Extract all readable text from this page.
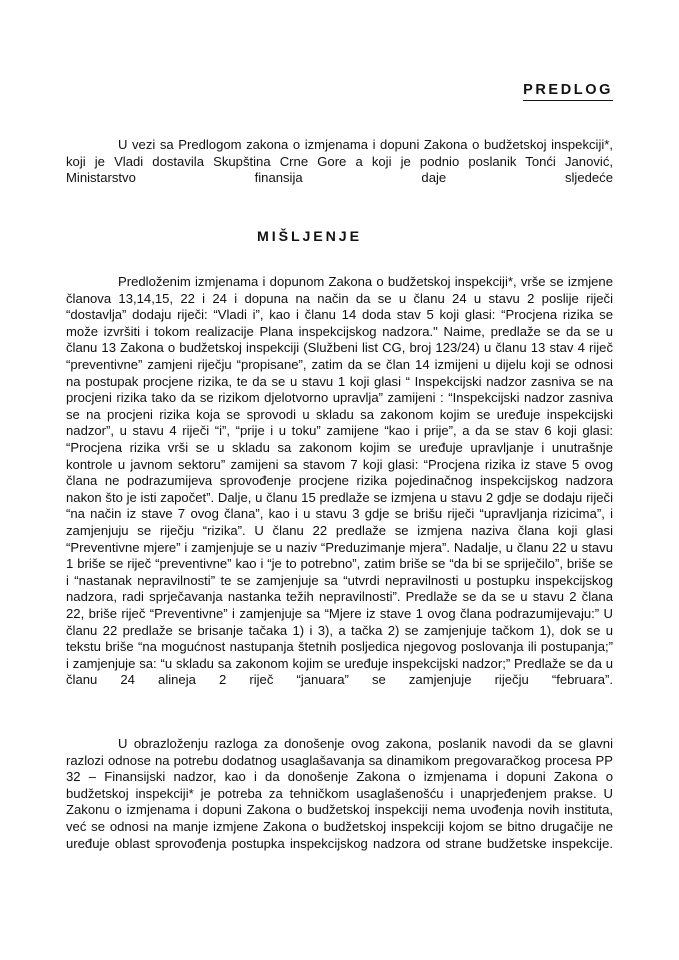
PREDLOG

U vezi sa Predlogom zakona o izmjenama i dopuni Zakona o budžetskoj inspekciji*, koji je Vladi dostavila Skupština Crne Gore a koji je podnio poslanik Tonći Janović, Ministarstvo finansija daje sljedeće

MIŠLJENJE

Predloženim izmjenama i dopunom Zakona o budžetskoj inspekciji*, vrše se izmjene članova 13,14,15, 22 i 24 i dopuna na način da se u članu 24 u stavu 2 poslije riječi “dostavlja” dodaju riječi: “Vladi i”, kao i članu 14 doda stav 5 koji glasi: “Procjena rizika se može izvršiti i tokom realizacije Plana inspekcijskog nadzora." Naime, predlaže se da se u članu 13 Zakona o budžetskoj inspekciji (Službeni list CG, broj 123/24) u članu 13 stav 4 riječ “preventivne” zamjeni riječju “propisane”, zatim da se član 14 izmijeni u dijelu koji se odnosi na postupak procjene rizika, te da se u stavu 1 koji glasi “ Inspekcijski nadzor zasniva se na procjeni rizika tako da se rizikom djelotvorno upravlja” zamijeni : “Inspekcijski nadzor zasniva se na procjeni rizika koja se sprovodi u skladu sa zakonom kojim se uređuje inspekcijski nadzor”, u stavu 4 riječi “i”, “prije i u toku” zamijene “kao i prije”, a da se stav 6 koji glasi: “Procjena rizika vrši se u skladu sa zakonom kojim se uređuje upravljanje i unutrašnje kontrole u javnom sektoru” zamijeni sa stavom 7 koji glasi: “Procjena rizika iz stave 5 ovog člana ne podrazumijeva sprovođenje procjene rizika pojedinačnog inspekcijskog nadzora nakon što je isti započet”. Dalje, u članu 15 predlaže se izmjena u stavu 2 gdje se dodaju riječi “na način iz stave 7 ovog člana”, kao i u stavu 3 gdje se brišu riječi “upravljanja rizicima”, i zamjenjuju se riječju “rizika”. U članu 22 predlaže se izmjena naziva člana koji glasi “Preventivne mjere” i zamjenjuje se u naziv “Preduzimanje mjera”. Nadalje, u članu 22 u stavu 1 briše se riječ “preventivne” kao i “je to potrebno”, zatim briše se “da bi se spriječilo”, briše se i “nastanak nepravilnosti” te se zamjenjuje sa “utvrdi nepravilnosti u postupku inspekcijskog nadzora, radi sprječavanja nastanka težih nepravilnosti”. Predlaže se da se u stavu 2 člana 22, briše riječ “Preventivne” i zamjenjuje sa “Mjere iz stave 1 ovog člana podrazumijevaju:” U članu 22 predlaže se brisanje tačaka 1) i 3), a tačka 2) se zamjenjuje tačkom 1), dok se u tekstu briše “na mogućnost nastupanja štetnih posljedica njegovog poslovanja ili postupanja;” i zamjenjuje sa: “u skladu sa zakonom kojim se uređuje inspekcijski nadzor;” Predlaže se da u članu 24 alineja 2 riječ “januara” se zamjenjuje riječju “februara”.

U obrazloženju razloga za donošenje ovog zakona, poslanik navodi da se glavni razlozi odnose na potrebu dodatnog usaglašavanja sa dinamikom pregovaračkog procesa PP 32 – Finansijski nadzor, kao i da donošenje Zakona o izmjenama i dopuni Zakona o budžetskoj inspekciji* je potreba za tehničkom usaglašenošću i unaprjeđenjem prakse. U Zakonu o izmjenama i dopuni Zakona o budžetskoj inspekciji nema uvođenja novih instituta, već se odnosi na manje izmjene Zakona o budžetskoj inspekciji kojom se bitno drugačije ne uređuje oblast sprovođenja postupka inspekcijskog nadzora od strane budžetske inspekcije.
